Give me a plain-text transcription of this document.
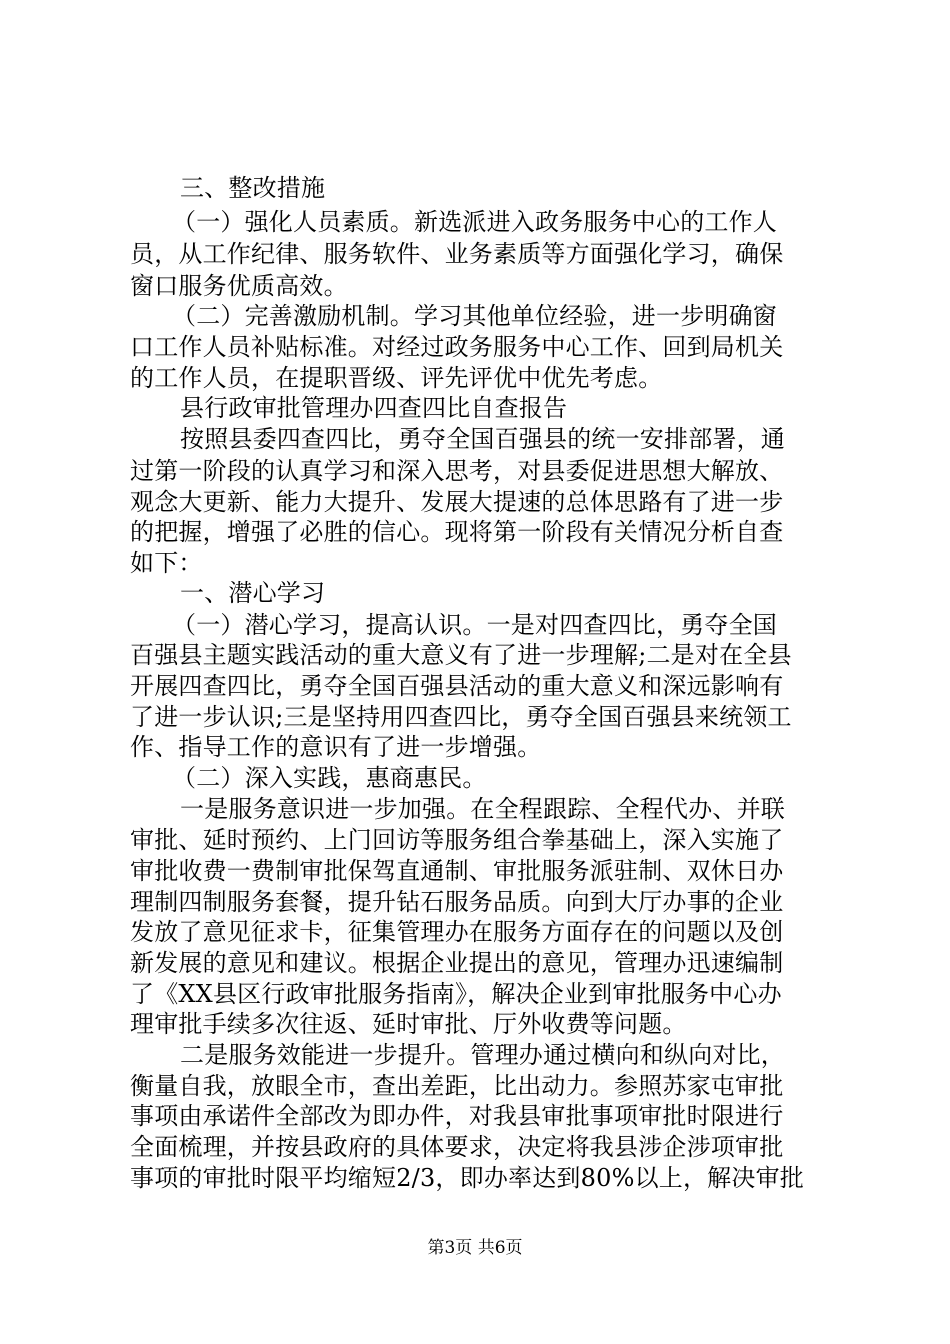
三、整改措施
（一）强化人员素质。新选派进入政务服务中心的工作人
员，从工作纪律、服务软件、业务素质等方面强化学习，确保
窗口服务优质高效。
（二）完善激励机制。学习其他单位经验，进一步明确窗
口工作人员补贴标准。对经过政务服务中心工作、回到局机关
的工作人员，在提职晋级、评先评优中优先考虑。
县行政审批管理办四查四比自查报告
按照县委四查四比，勇夺全国百强县的统一安排部署，通
过第一阶段的认真学习和深入思考，对县委促进思想大解放、
观念大更新、能力大提升、发展大提速的总体思路有了进一步
的把握，增强了必胜的信心。现将第一阶段有关情况分析自查
如下：
一、潜心学习
（一）潜心学习，提高认识。一是对四查四比，勇夺全国
百强县主题实践活动的重大意义有了进一步理解;二是对在全县
开展四查四比，勇夺全国百强县活动的重大意义和深远影响有
了进一步认识;三是坚持用四查四比，勇夺全国百强县来统领工
作、指导工作的意识有了进一步增强。
（二）深入实践，惠商惠民。
一是服务意识进一步加强。在全程跟踪、全程代办、并联
审批、延时预约、上门回访等服务组合拳基础上，深入实施了
审批收费一费制审批保驾直通制、审批服务派驻制、双休日办
理制四制服务套餐，提升钻石服务品质。向到大厅办事的企业
发放了意见征求卡，征集管理办在服务方面存在的问题以及创
新发展的意见和建议。根据企业提出的意见，管理办迅速编制
了《XX县区行政审批服务指南》，解决企业到审批服务中心办
理审批手续多次往返、延时审批、厅外收费等问题。
二是服务效能进一步提升。管理办通过横向和纵向对比，
衡量自我，放眼全市，查出差距，比出动力。参照苏家屯审批
事项由承诺件全部改为即办件，对我县审批事项审批时限进行
全面梳理，并按县政府的具体要求，决定将我县涉企涉项审批
事项的审批时限平均缩短2/3，即办率达到80%以上，解决审批
第3页 共6页
